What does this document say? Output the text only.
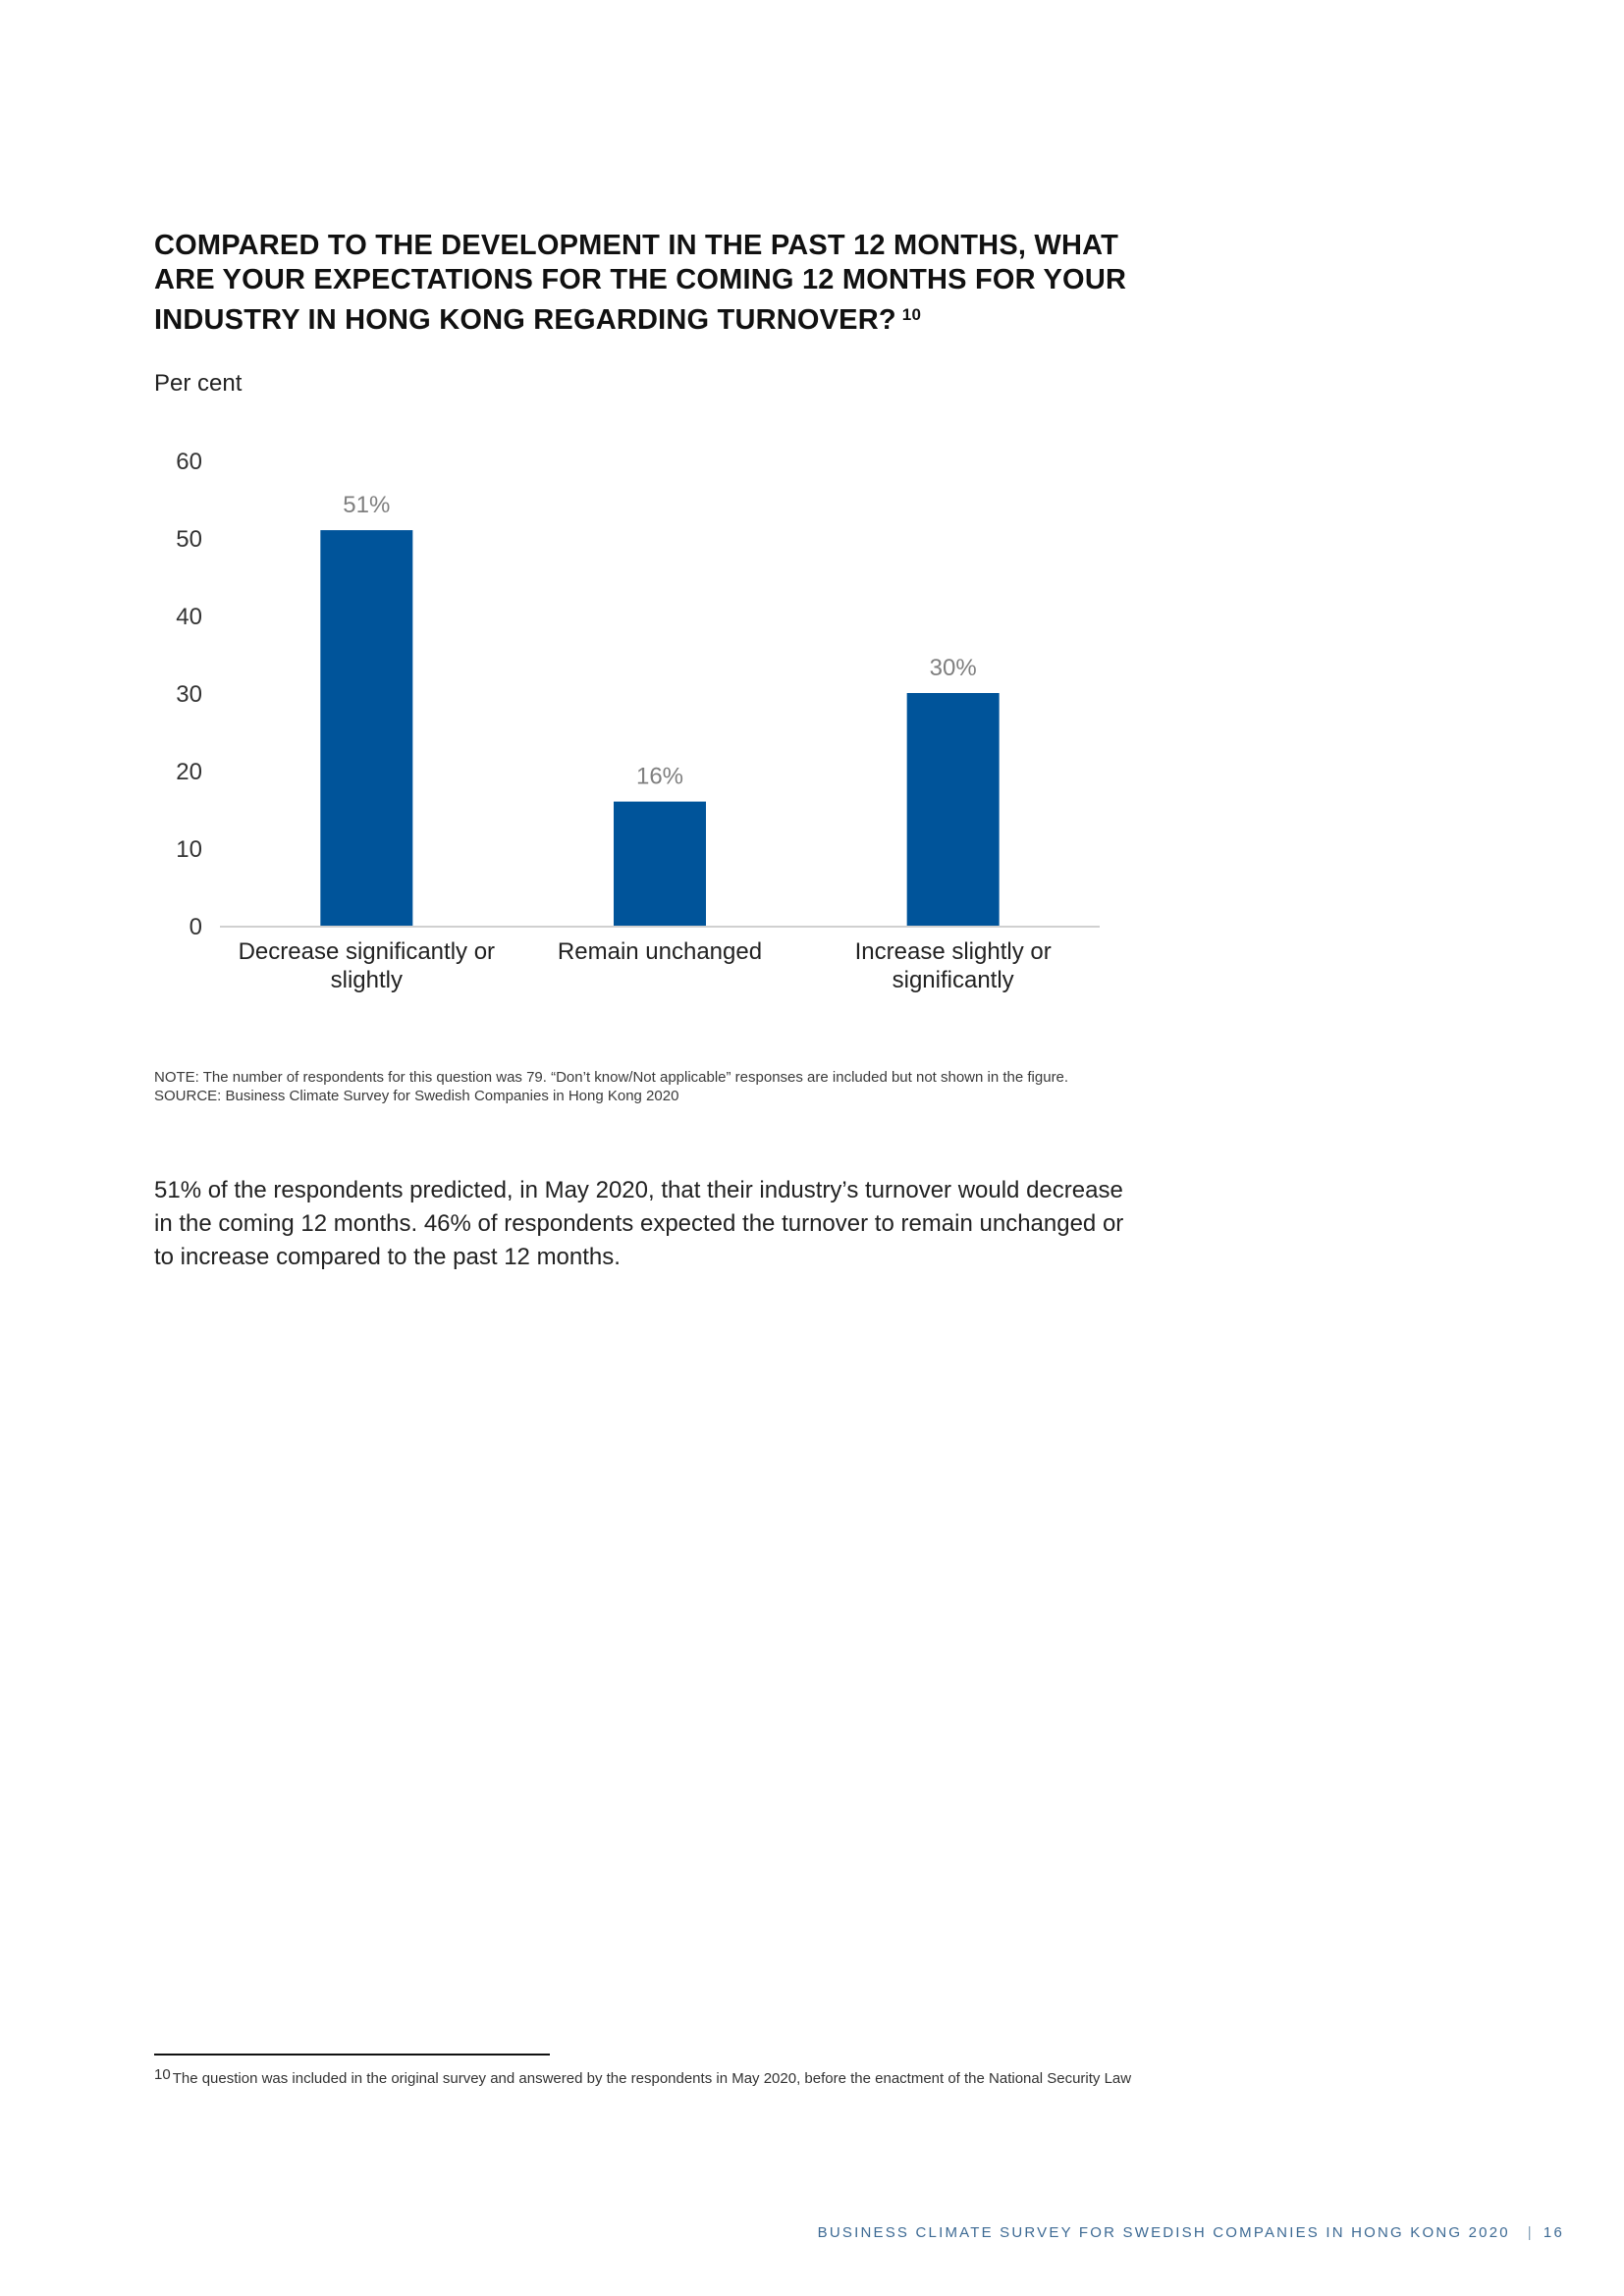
COMPARED TO THE DEVELOPMENT IN THE PAST 12 MONTHS, WHAT ARE YOUR EXPECTATIONS FOR THE COMING 12 MONTHS FOR YOUR INDUSTRY IN HONG KONG REGARDING TURNOVER? $^{10}$
Per cent
0
10
20
30
40
50
60
51%
Decrease significantly or
slightly
16%
Remain unchanged
30%
Increase slightly or
significantly
NOTE: The number of respondents for this question was 79. “Don’t know/Not applicable” responses are included but not shown in the figure.
SOURCE: Business Climate Survey for Swedish Companies in Hong Kong 2020

51% of the respondents predicted, in May 2020, that their industry’s turnover would decrease in the coming 12 months. 46% of respondents expected the turnover to remain unchanged or to increase compared to the past 12 months.

$^{10}$ The question was included in the original survey and answered by the respondents in May 2020, before the enactment of the National Security Law
BUSINESS CLIMATE SURVEY FOR SWEDISH COMPANIES IN HONG KONG 2020 | 16
